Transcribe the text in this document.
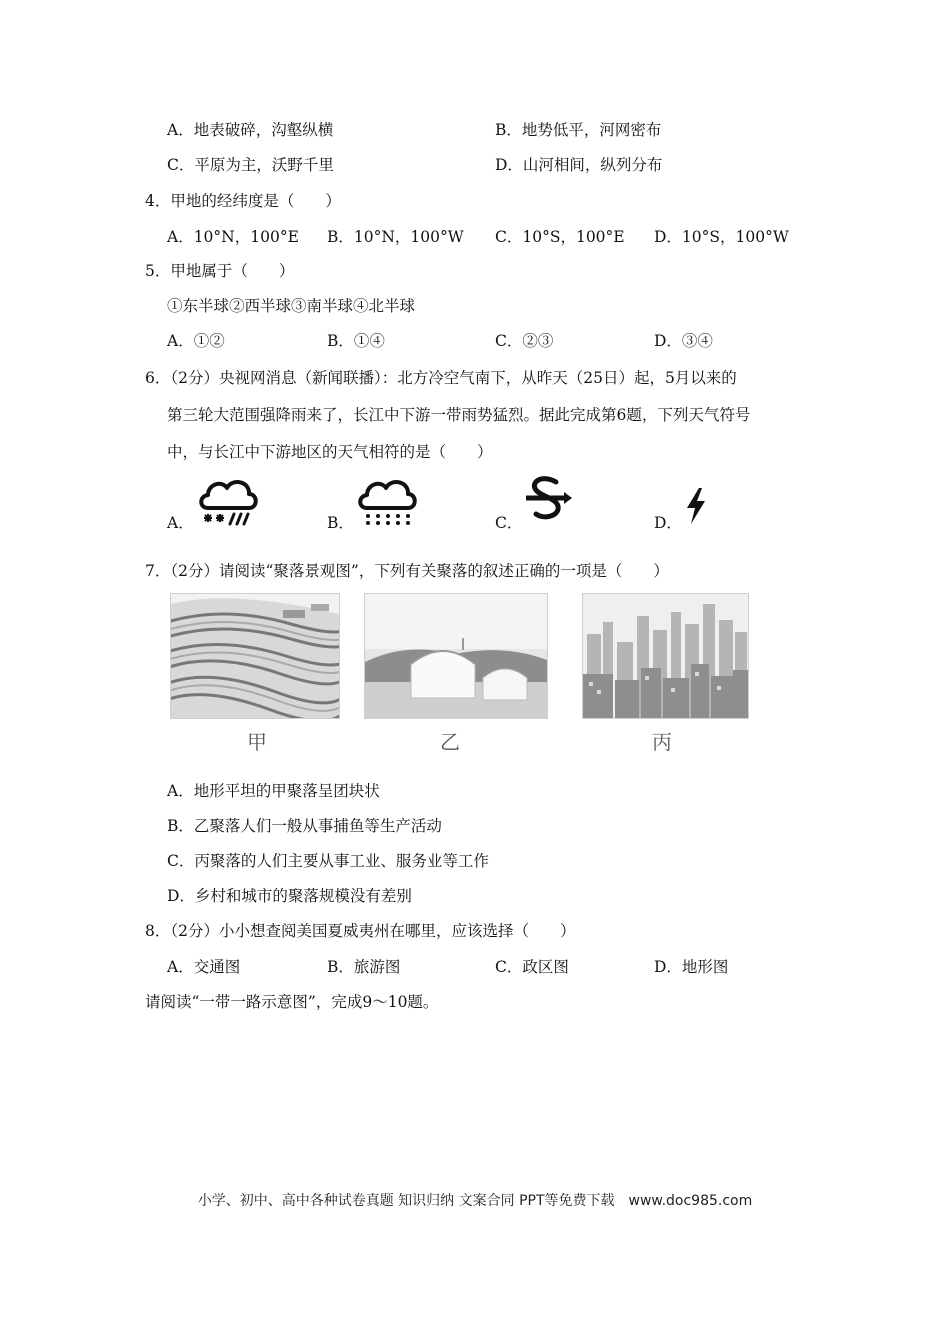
A．地表破碎，沟壑纵横	B．地势低平，河网密布
C．平原为主，沃野千里	D．山河相间，纵列分布
4．甲地的经纬度是（　　）
A．10°N，100°E B．10°N，100°W C．10°S，100°E D．10°S，100°W
5．甲地属于（　　）
①东半球②西半球③南半球④北半球
A．①②	B．①④	C．②③	D．③④
6．（2分）央视网消息（新闻联播）：北方冷空气南下，从昨天（25日）起，5月以来的
第三轮大范围强降雨来了，长江中下游一带雨势猛烈。据此完成第6题，下列天气符号
中，与长江中下游地区的天气相符的是（　　）
A．	B．	C．	D．
7．（2分）请阅读“聚落景观图”，下列有关聚落的叙述正确的一项是（　　）
甲	乙	丙
A．地形平坦的甲聚落呈团块状
B．乙聚落人们一般从事捕鱼等生产活动
C．丙聚落的人们主要从事工业、服务业等工作
D．乡村和城市的聚落规模没有差别
8．（2分）小小想查阅美国夏威夷州在哪里，应该选择（　　）
A．交通图	B．旅游图	C．政区图	D．地形图
请阅读“一带一路示意图”，完成9～10题。
小学、初中、高中各种试卷真题 知识归纳 文案合同 PPT等免费下载　www.doc985.com
